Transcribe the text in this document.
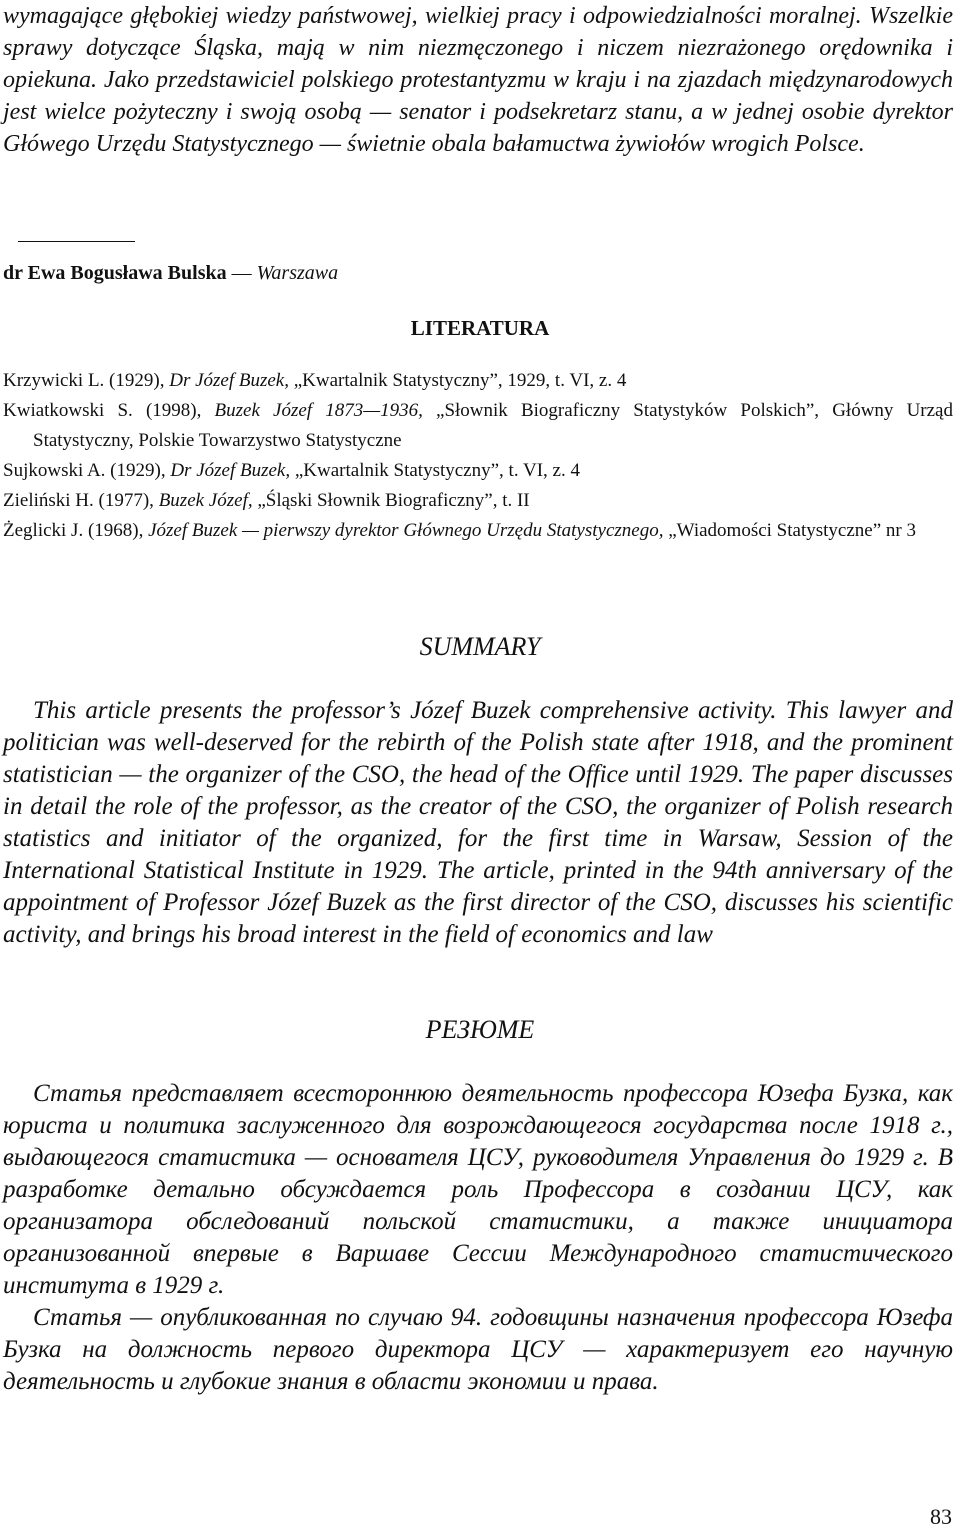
wymagające głębokiej wiedzy państwowej, wielkiej pracy i odpowiedzialności moralnej. Wszelkie sprawy dotyczące Śląska, mają w nim niezmęczonego i niczem niezrażonego orędownika i opiekuna. Jako przedstawiciel polskiego protestantyzmu w kraju i na zjazdach międzynarodowych jest wielce pożyteczny i swoją osobą — senator i podsekretarz stanu, a w jednej osobie dyrektor Główego Urzędu Statystycznego — świetnie obala bałamuctwa żywiołów wrogich Polsce.
dr Ewa Bogusława Bulska — Warszawa
LITERATURA
Krzywicki L. (1929), Dr Józef Buzek, „Kwartalnik Statystyczny”, 1929, t. VI, z. 4
Kwiatkowski S. (1998), Buzek Józef 1873—1936, „Słownik Biograficzny Statystyków Polskich”, Główny Urząd Statystyczny, Polskie Towarzystwo Statystyczne
Sujkowski A. (1929), Dr Józef Buzek, „Kwartalnik Statystyczny”, t. VI, z. 4
Zieliński H. (1977), Buzek Józef, „Śląski Słownik Biograficzny”, t. II
Żeglicki J. (1968), Józef Buzek — pierwszy dyrektor Głównego Urzędu Statystycznego, „Wiadomości Statystyczne” nr 3
SUMMARY

This article presents the professor’s Józef Buzek comprehensive activity. This lawyer and politician was well-deserved for the rebirth of the Polish state after 1918, and the prominent statistician — the organizer of the CSO, the head of the Office until 1929. The paper discusses in detail the role of the professor, as the creator of the CSO, the organizer of Polish research statistics and initiator of the organized, for the first time in Warsaw, Session of the International Statistical Institute in 1929. The article, printed in the 94th anniversary of the appointment of Professor Józef Buzek as the first director of the CSO, discusses his scientific activity, and brings his broad interest in the field of economics and law

РЕЗЮМЕ

Статья представляет всестороннюю деятельность профессора Юзефа Бузка, как юриста и политика заслуженного для возрождающегося государства после 1918 г., выдающегося статистика — основателя ЦСУ, руководителя Управления до 1929 г. В разработке детально обсуждается роль Профессора в создании ЦСУ, как организатора обследований польской статистики, а также инициатора организованной впервые в Варшаве Сессии Международного статистического института в 1929 г.

Статья — опубликованная по случаю 94. годовщины назначения профессора Юзефа Бузка на должность первого директора ЦСУ — характеризует его научную деятельность и глубокие знания в области экономии и права.

83
